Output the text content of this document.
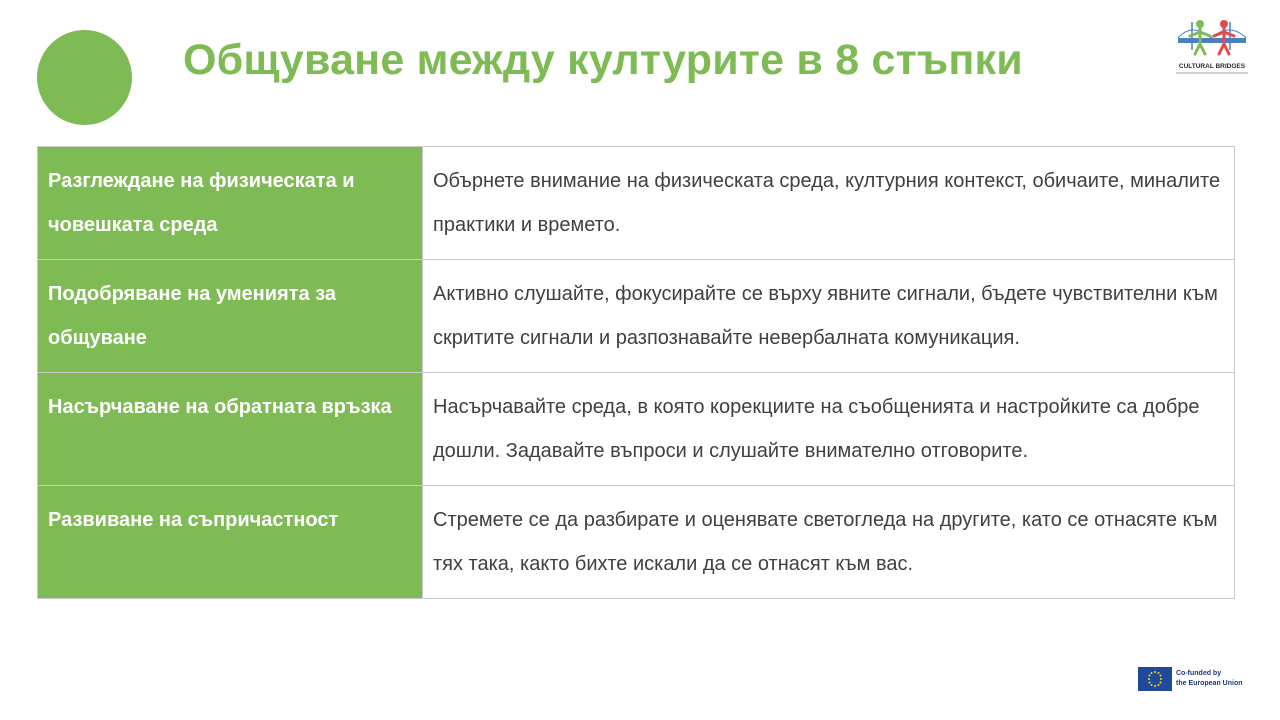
Общуване между културите в 8 стъпки	CULTURAL BRIDGES
Разглеждане на физическата и човешката среда	Обърнете внимание на физическата среда, културния контекст, обичаите, миналите практики и времето.
Подобряване на уменията за общуване	Активно слушайте, фокусирайте се върху явните сигнали, бъдете чувствителни към скритите сигнали и разпознавайте невербалната комуникация.
Насърчаване на обратната връзка	Насърчавайте среда, в която корекциите на съобщенията и настройките са добре дошли. Задавайте въпроси и слушайте внимателно отговорите.
Развиване на съпричастност	Стремете се да разбирате и оценявате светогледа на другите, като се отнасяте към тях така, както бихте искали да се отнасят към вас.
Co-funded by
the European Union
